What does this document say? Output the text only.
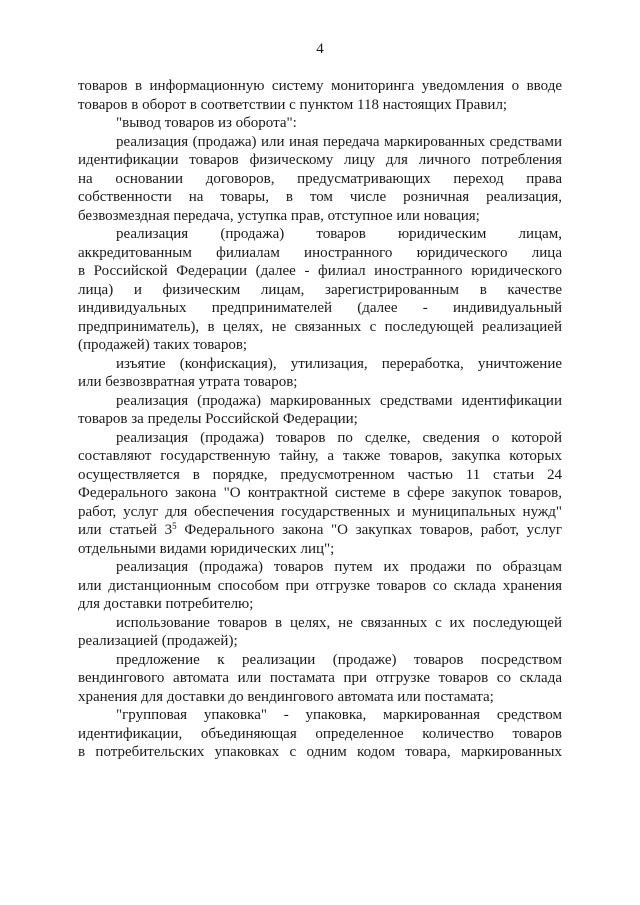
4
товаров в информационную систему мониторинга уведомления о вводе
товаров в оборот в соответствии с пунктом 118 настоящих Правил;
"вывод товаров из оборота":
реализация (продажа) или иная передача маркированных средствами
идентификации товаров физическому лицу для личного потребления
на основании договоров, предусматривающих переход права
собственности на товары, в том числе розничная реализация,
безвозмездная передача, уступка прав, отступное или новация;
реализация (продажа) товаров юридическим лицам,
аккредитованным филиалам иностранного юридического лица
в Российской Федерации (далее - филиал иностранного юридического
лица) и физическим лицам, зарегистрированным в качестве
индивидуальных предпринимателей (далее - индивидуальный
предприниматель), в целях, не связанных с последующей реализацией
(продажей) таких товаров;
изъятие (конфискация), утилизация, переработка, уничтожение
или безвозвратная утрата товаров;
реализация (продажа) маркированных средствами идентификации
товаров за пределы Российской Федерации;
реализация (продажа) товаров по сделке, сведения о которой
составляют государственную тайну, а также товаров, закупка которых
осуществляется в порядке, предусмотренном частью 11 статьи 24
Федерального закона "О контрактной системе в сфере закупок товаров,
работ, услуг для обеспечения государственных и муниципальных нужд"
или статьей $3^5$ Федерального закона "О закупках товаров, работ, услуг
отдельными видами юридических лиц";
реализация (продажа) товаров путем их продажи по образцам
или дистанционным способом при отгрузке товаров со склада хранения
для доставки потребителю;
использование товаров в целях, не связанных с их последующей
реализацией (продажей);
предложение к реализации (продаже) товаров посредством
вендингового автомата или постамата при отгрузке товаров со склада
хранения для доставки до вендингового автомата или постамата;
"групповая упаковка" - упаковка, маркированная средством
идентификации, объединяющая определенное количество товаров
в потребительских упаковках с одним кодом товара, маркированных
